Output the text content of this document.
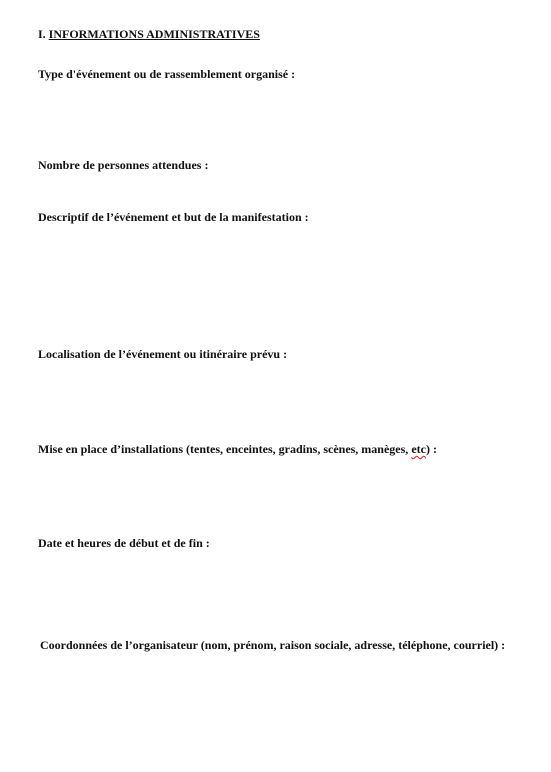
I. INFORMATIONS ADMINISTRATIVES
Type d'événement ou de rassemblement organisé :
Nombre de personnes attendues :
Descriptif de l’événement et but de la manifestation :
Localisation de l’événement ou itinéraire prévu :
Mise en place d’installations (tentes, enceintes, gradins, scènes, manèges, etc) :
Date et heures de début et de fin :
Coordonnées de l’organisateur (nom, prénom, raison sociale, adresse, téléphone, courriel) :
